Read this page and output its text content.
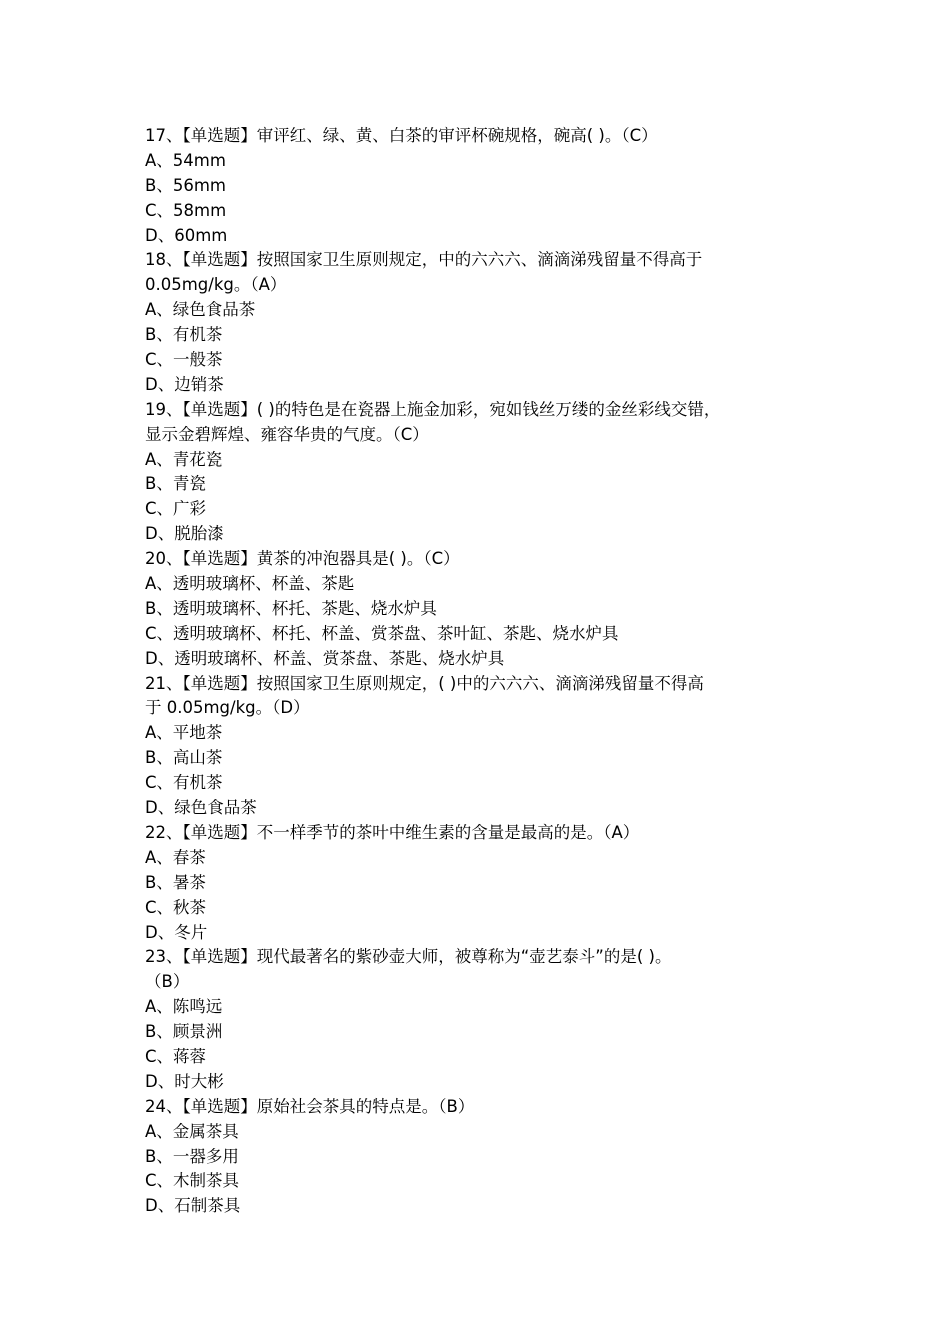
17、【单选题】审评红、绿、黄、白茶的审评杯碗规格，碗高( )。（C）
A、54mm
B、56mm
C、58mm
D、60mm
18、【单选题】按照国家卫生原则规定，中的六六六、滴滴涕残留量不得高于
0.05mg/kg。（A）
A、绿色食品茶
B、有机茶
C、一般茶
D、边销茶
19、【单选题】( )的特色是在瓷器上施金加彩，宛如钱丝万缕的金丝彩线交错，
显示金碧辉煌、雍容华贵的气度。（C）
A、青花瓷
B、青瓷
C、广彩
D、脱胎漆
20、【单选题】黄茶的冲泡器具是( )。（C）
A、透明玻璃杯、杯盖、茶匙
B、透明玻璃杯、杯托、茶匙、烧水炉具
C、透明玻璃杯、杯托、杯盖、赏茶盘、茶叶缸、茶匙、烧水炉具
D、透明玻璃杯、杯盖、赏茶盘、茶匙、烧水炉具
21、【单选题】按照国家卫生原则规定，( )中的六六六、滴滴涕残留量不得高
于 0.05mg/kg。（D）
A、平地茶
B、高山茶
C、有机茶
D、绿色食品茶
22、【单选题】不一样季节的茶叶中维生素的含量是最高的是。（A）
A、春茶
B、暑茶
C、秋茶
D、冬片
23、【单选题】现代最著名的紫砂壶大师，被尊称为“壶艺泰斗”的是( )。
（B）
A、陈鸣远
B、顾景洲
C、蒋蓉
D、时大彬
24、【单选题】原始社会茶具的特点是。（B）
A、金属茶具
B、一器多用
C、木制茶具
D、石制茶具
